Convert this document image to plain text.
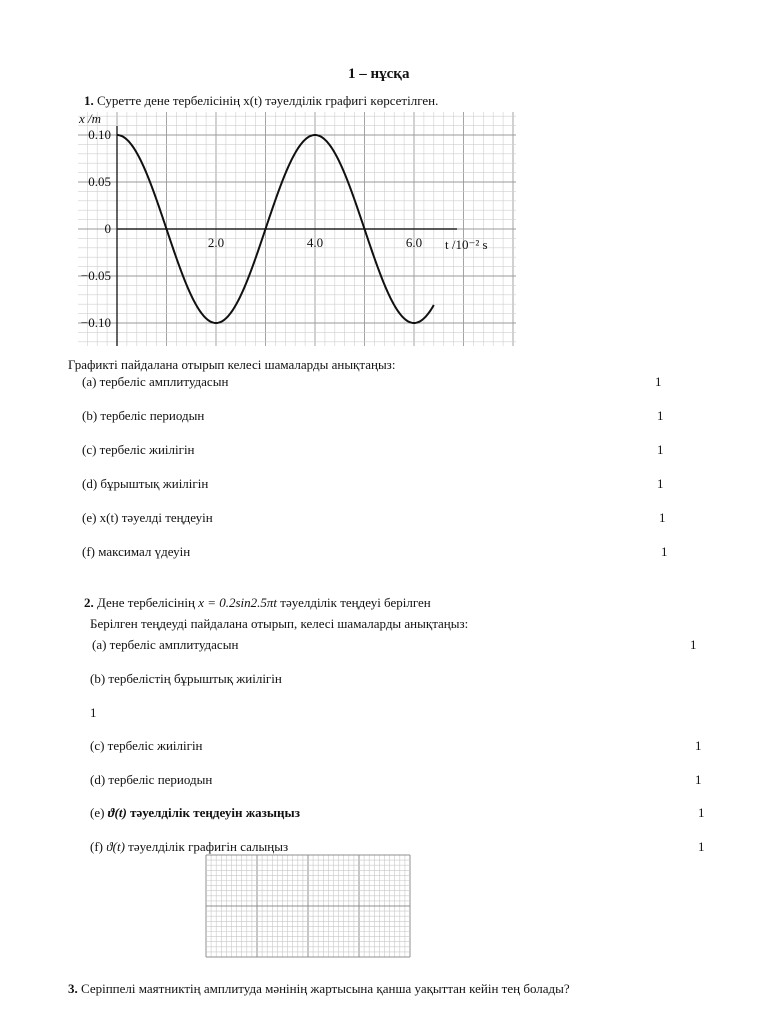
1 – нұсқа
1. Суретте дене тербелісінің x(t) тәуелділік графигі көрсетілген.
0.10
0.05
0
−0.05
−0.10
2.0	4.0	6.0
x /m
t /10⁻² s
Графикті пайдалана отырып келесі шамаларды анықтаңыз:
(a) тербеліс амплитудасын	1
(b) тербеліс периодын	1
(c) тербеліс жиілігін	1
(d) бұрыштық жиілігін	1
(e) x(t) тәуелді теңдеуін	1
(f) максимал үдеуін	1
2. Дене тербелісінің x = 0.2sin2.5πt тәуелділік теңдеуі берілген
Берілген теңдеуді пайдалана отырып, келесі шамаларды анықтаңыз:
(a) тербеліс амплитудасын	1
(b) тербелістің бұрыштық жиілігін
1
(c) тербеліс жиілігін	1
(d) тербеліс периодын	1
(e) ϑ(t) тәуелділік теңдеуін жазыңыз	1
(f) ϑ(t) тәуелділік графигін салыңыз	1
3. Серіппелі маятниктің амплитуда мәнінің жартысына қанша уақыттан кейін тең болады?
